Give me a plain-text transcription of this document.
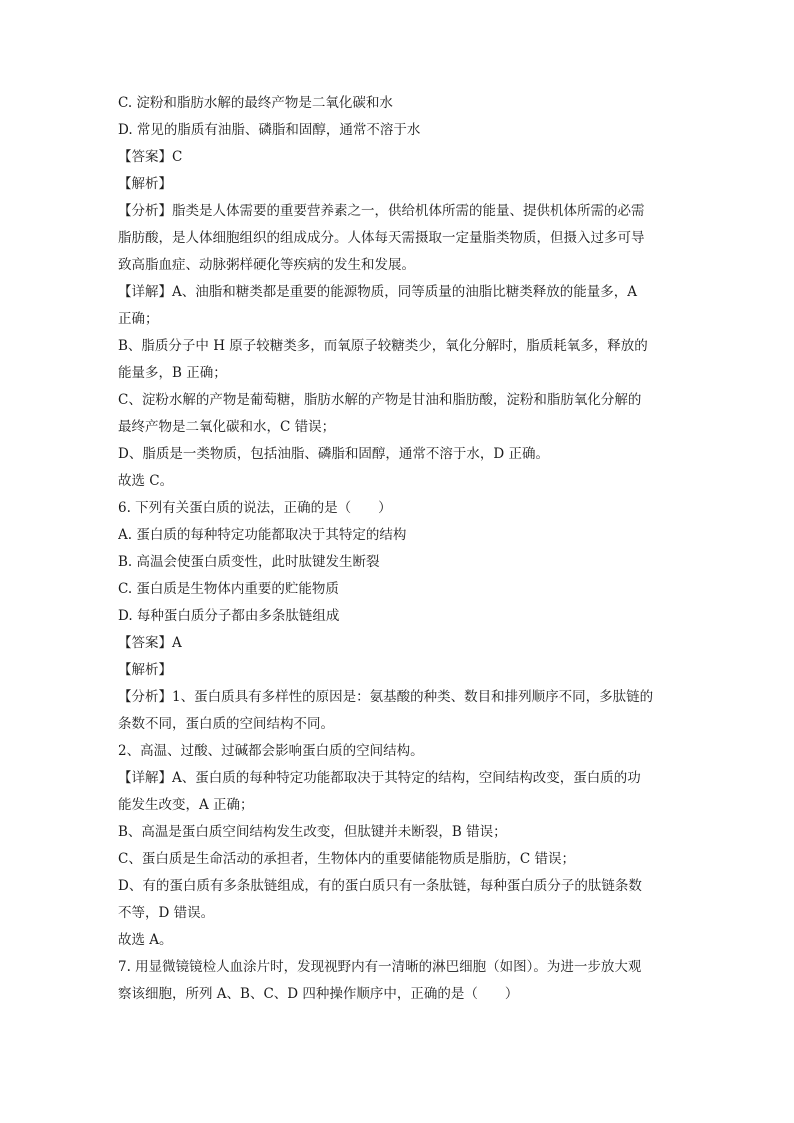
C. 淀粉和脂肪水解的最终产物是二氧化碳和水
D. 常见的脂质有油脂、磷脂和固醇，通常不溶于水
【答案】C
【解析】
【分析】脂类是人体需要的重要营养素之一，供给机体所需的能量、提供机体所需的必需
脂肪酸，是人体细胞组织的组成成分。人体每天需摄取一定量脂类物质，但摄入过多可导
致高脂血症、动脉粥样硬化等疾病的发生和发展。
【详解】A、油脂和糖类都是重要的能源物质，同等质量的油脂比糖类释放的能量多，A
正确；
B、脂质分子中 H 原子较糖类多，而氧原子较糖类少，氧化分解时，脂质耗氧多，释放的
能量多，B 正确；
C、淀粉水解的产物是葡萄糖，脂肪水解的产物是甘油和脂肪酸，淀粉和脂肪氧化分解的
最终产物是二氧化碳和水，C 错误；
D、脂质是一类物质，包括油脂、磷脂和固醇，通常不溶于水，D 正确。
故选 C。
6. 下列有关蛋白质的说法，正确的是（　　）
A. 蛋白质的每种特定功能都取决于其特定的结构
B. 高温会使蛋白质变性，此时肽键发生断裂
C. 蛋白质是生物体内重要的贮能物质
D. 每种蛋白质分子都由多条肽链组成
【答案】A
【解析】
【分析】1、蛋白质具有多样性的原因是：氨基酸的种类、数目和排列顺序不同，多肽链的
条数不同，蛋白质的空间结构不同。
2、高温、过酸、过碱都会影响蛋白质的空间结构。
【详解】A、蛋白质的每种特定功能都取决于其特定的结构，空间结构改变，蛋白质的功
能发生改变，A 正确；
B、高温是蛋白质空间结构发生改变，但肽键并未断裂，B 错误；
C、蛋白质是生命活动的承担者，生物体内的重要储能物质是脂肪，C 错误；
D、有的蛋白质有多条肽链组成，有的蛋白质只有一条肽链，每种蛋白质分子的肽链条数
不等，D 错误。
故选 A。
7. 用显微镜镜检人血涂片时，发现视野内有一清晰的淋巴细胞（如图）。为进一步放大观
察该细胞，所列 A、B、C、D 四种操作顺序中，正确的是（　　）
